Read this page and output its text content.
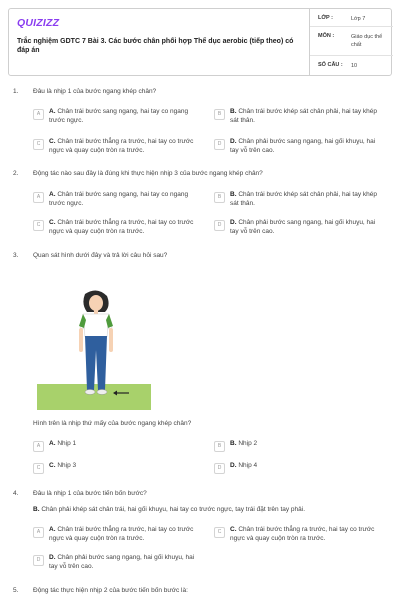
QUIZIZZ
Trắc nghiệm GDTC 7 Bài 3. Các bước chân phối hợp Thể dục aerobic (tiếp theo) có đáp án
LỚP :	Lớp 7
MÔN :	Giáo dục thể chất
SỐ CÂU : 10
1. Đâu là nhịp 1 của bước ngang khép chân?
A	A. Chân trái bước sang ngang, hai tay co ngang trước ngực.
B	B. Chân trái bước khép sát chân phải, hai tay khép sát thân.
C	C. Chân trái bước thẳng ra trước, hai tay co trước ngực và quay cuộn tròn ra trước.
D	D. Chân phải bước sang ngang, hai gối khuỵu, hai tay vỗ trên cao.
2. Động tác nào sau đây là đúng khi thực hiện nhịp 3 của bước ngang khép chân?
A	A. Chân trái bước sang ngang, hai tay co ngang trước ngực.
B	B. Chân trái bước khép sát chân phải, hai tay khép sát thân.
C	C. Chân trái bước thẳng ra trước, hai tay co trước ngực và quay cuộn tròn ra trước.
D	D. Chân phải bước sang ngang, hai gối khuỵu, hai tay vỗ trên cao.
3. Quan sát hình dưới đây và trả lời câu hỏi sau?
Hình trên là nhịp thứ mấy của bước ngang khép chân?
A	A. Nhịp 1	B	B. Nhịp 2
C	C. Nhịp 3	D	D. Nhịp 4
4. Đâu là nhịp 1 của bước tiến bốn bước?
B. Chân phải khép sát chân trái, hai gối khuỵu, hai tay co trước ngực, tay trái đặt trên tay phải.
A	A. Chân trái bước thẳng ra trước, hai tay co trước ngực và quay cuộn tròn ra trước.
C	C. Chân trái bước thẳng ra trước, hai tay co trước ngực và quay cuộn tròn ra trước.
D	D. Chân phải bước sang ngang, hai gối khuỵu, hai tay vỗ trên cao.
5. Động tác thực hiện nhịp 2 của bước tiến bốn bước là:
